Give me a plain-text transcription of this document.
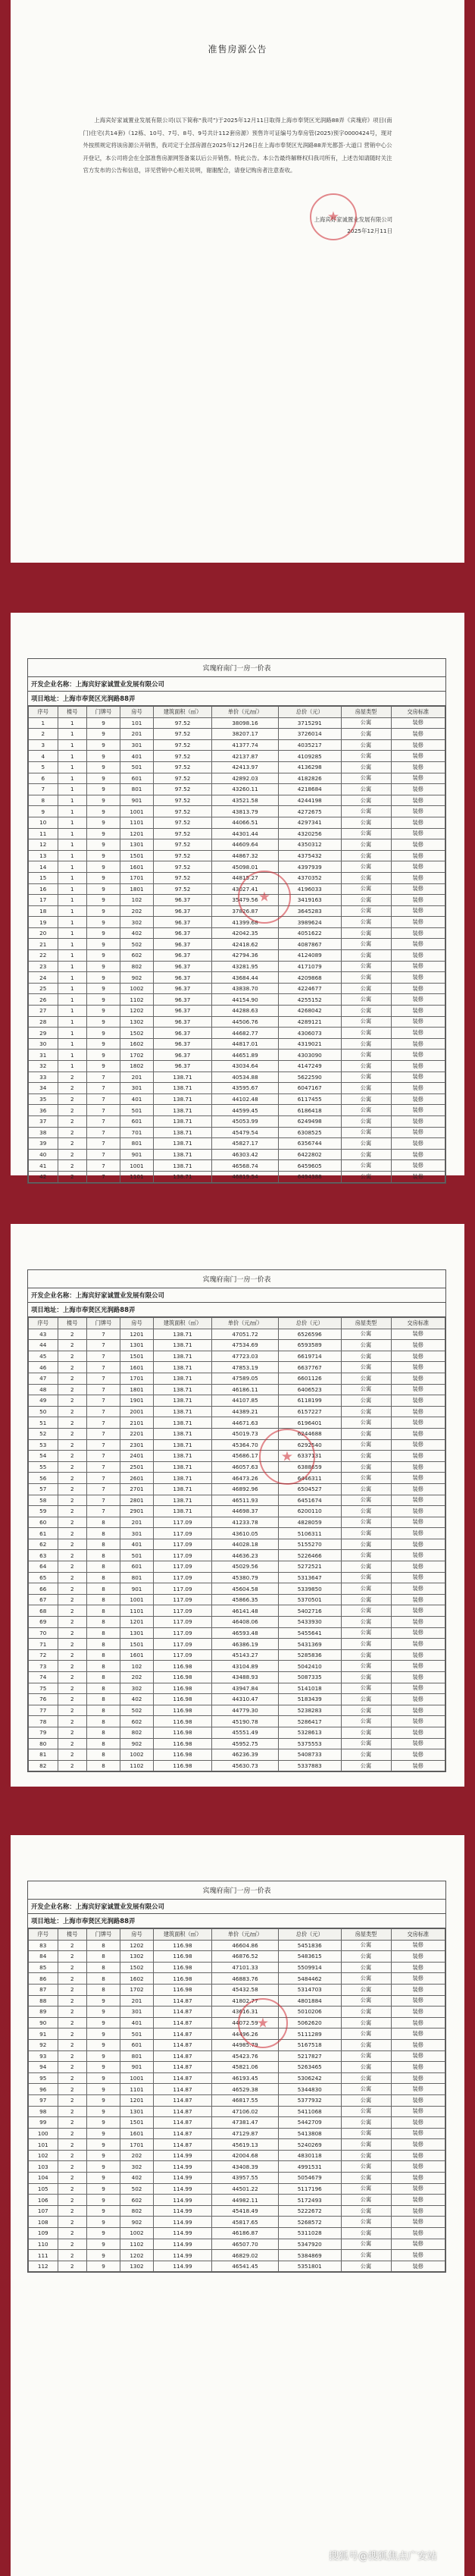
准售房源公告
上海宾好家诚置业发展有限公司(以下简称“我司”)于2025年12月11日取得上海市奉贤区光润路88弄《宾瑰府》项目(南门)住宅(共14套)（12栋、10号、7号、8号、9号共计112套房源）预售许可证编号为奉房管(2025)预字0000424号，现对外按照规定将该房源公开销售，我司定于全部房源在2025年12月26日在上海市奉贤区光润路88弄光都荟·大道口 营销中心公开登记，本公司将会在全部准售房源网签备案以后公开销售。特此公告。本公告最终解释权归我司所有，上述告知请随时关注官方发布的公告和信息，详见营销中心相关说明，谢谢配合，请登记购房者注意查收。
上海宾好家诚置业发展有限公司
2025年12月11日
★
宾瑰府南门一房一价表
开发企业名称：上海宾好家诚置业发展有限公司
项目地址：上海市奉贤区光润路88弄
序号	楼号	门牌号	房号	建筑面积（㎡）	单价（元/㎡）	总价（元）	房屋类型	交房标准
1	1	9	101	97.52	38098.16	3715291	公寓	装修
2	1	9	201	97.52	38207.17	3726014	公寓	装修
3	1	9	301	97.52	41377.74	4035217	公寓	装修
4	1	9	401	97.52	42137.87	4109285	公寓	装修
5	1	9	501	97.52	42413.97	4136298	公寓	装修
6	1	9	601	97.52	42892.03	4182826	公寓	装修
7	1	9	801	97.52	43260.11	4218684	公寓	装修
8	1	9	901	97.52	43521.58	4244198	公寓	装修
9	1	9	1001	97.52	43813.79	4272675	公寓	装修
10	1	9	1101	97.52	44066.51	4297341	公寓	装修
11	1	9	1201	97.52	44301.44	4320256	公寓	装修
12	1	9	1301	97.52	44609.64	4350312	公寓	装修
13	1	9	1501	97.52	44867.32	4375432	公寓	装修
14	1	9	1601	97.52	45098.01	4397939	公寓	装修
15	1	9	1701	97.52	44815.27	4370352	公寓	装修
16	1	9	1801	97.52	43027.41	4196033	公寓	装修
17	1	9	102	96.37	35479.56	3419163	公寓	装修
18	1	9	202	96.37	37826.87	3645283	公寓	装修
19	1	9	302	96.37	41399.68	3989624	公寓	装修
20	1	9	402	96.37	42042.35	4051622	公寓	装修
21	1	9	502	96.37	42418.62	4087867	公寓	装修
22	1	9	602	96.37	42794.36	4124089	公寓	装修
23	1	9	802	96.37	43281.95	4171079	公寓	装修
24	1	9	902	96.37	43684.44	4209868	公寓	装修
25	1	9	1002	96.37	43838.70	4224677	公寓	装修
26	1	9	1102	96.37	44154.90	4255152	公寓	装修
27	1	9	1202	96.37	44288.63	4268042	公寓	装修
28	1	9	1302	96.37	44506.76	4289121	公寓	装修
29	1	9	1502	96.37	44682.77	4306073	公寓	装修
30	1	9	1602	96.37	44817.01	4319021	公寓	装修
31	1	9	1702	96.37	44651.89	4303090	公寓	装修
32	1	9	1802	96.37	43034.64	4147249	公寓	装修
33	2	7	201	138.71	40534.88	5622590	公寓	装修
34	2	7	301	138.71	43595.67	6047167	公寓	装修
35	2	7	401	138.71	44102.48	6117455	公寓	装修
36	2	7	501	138.71	44599.45	6186418	公寓	装修
37	2	7	601	138.71	45053.99	6249498	公寓	装修
38	2	7	701	138.71	45479.54	6308525	公寓	装修
39	2	7	801	138.71	45827.17	6356744	公寓	装修
40	2	7	901	138.71	46303.42	6422802	公寓	装修
41	2	7	1001	138.71	46568.74	6459605	公寓	装修
42	2	7	1101	138.71	46819.54	6494388	公寓	装修
★
宾瑰府南门一房一价表
开发企业名称：上海宾好家诚置业发展有限公司
项目地址：上海市奉贤区光润路88弄
序号	楼号	门牌号	房号	建筑面积（㎡）	单价（元/㎡）	总价（元）	房屋类型	交房标准
43	2	7	1201	138.71	47051.72	6526596	公寓	装修
44	2	7	1301	138.71	47534.69	6593589	公寓	装修
45	2	7	1501	138.71	47723.03	6619714	公寓	装修
46	2	7	1601	138.71	47853.19	6637767	公寓	装修
47	2	7	1701	138.71	47589.05	6601126	公寓	装修
48	2	7	1801	138.71	46186.11	6406523	公寓	装修
49	2	7	1901	138.71	44107.85	6118199	公寓	装修
50	2	7	2001	138.71	44389.21	6157227	公寓	装修
51	2	7	2101	138.71	44671.63	6196401	公寓	装修
52	2	7	2201	138.71	45019.73	6244688	公寓	装修
53	2	7	2301	138.71	45364.70	6292540	公寓	装修
54	2	7	2401	138.71	45686.17	6337131	公寓	装修
55	2	7	2501	138.71	46057.63	6388659	公寓	装修
56	2	7	2601	138.71	46473.26	6446311	公寓	装修
57	2	7	2701	138.71	46892.96	6504527	公寓	装修
58	2	7	2801	138.71	46511.93	6451674	公寓	装修
59	2	7	2901	138.71	44698.37	6200110	公寓	装修
60	2	8	201	117.09	41233.78	4828059	公寓	装修
61	2	8	301	117.09	43610.05	5106311	公寓	装修
62	2	8	401	117.09	44028.18	5155270	公寓	装修
63	2	8	501	117.09	44636.23	5226466	公寓	装修
64	2	8	601	117.09	45029.56	5272521	公寓	装修
65	2	8	801	117.09	45380.79	5313647	公寓	装修
66	2	8	901	117.09	45604.58	5339850	公寓	装修
67	2	8	1001	117.09	45866.35	5370501	公寓	装修
68	2	8	1101	117.09	46141.48	5402716	公寓	装修
69	2	8	1201	117.09	46408.06	5433930	公寓	装修
70	2	8	1301	117.09	46593.48	5455641	公寓	装修
71	2	8	1501	117.09	46386.19	5431369	公寓	装修
72	2	8	1601	117.09	45143.27	5285836	公寓	装修
73	2	8	102	116.98	43104.89	5042410	公寓	装修
74	2	8	202	116.98	43488.93	5087335	公寓	装修
75	2	8	302	116.98	43947.84	5141018	公寓	装修
76	2	8	402	116.98	44310.47	5183439	公寓	装修
77	2	8	502	116.98	44779.30	5238283	公寓	装修
78	2	8	602	116.98	45190.78	5286417	公寓	装修
79	2	8	802	116.98	45551.49	5328613	公寓	装修
80	2	8	902	116.98	45952.75	5375553	公寓	装修
81	2	8	1002	116.98	46236.39	5408733	公寓	装修
82	2	8	1102	116.98	45630.73	5337883	公寓	装修
★
宾瑰府南门一房一价表
开发企业名称：上海宾好家诚置业发展有限公司
项目地址：上海市奉贤区光润路88弄
序号	楼号	门牌号	房号	建筑面积（㎡）	单价（元/㎡）	总价（元）	房屋类型	交房标准
83	2	8	1202	116.98	46604.86	5451836	公寓	装修
84	2	8	1302	116.98	46876.52	5483615	公寓	装修
85	2	8	1502	116.98	47101.33	5509914	公寓	装修
86	2	8	1602	116.98	46883.76	5484462	公寓	装修
87	2	8	1702	116.98	45432.58	5314703	公寓	装修
88	2	9	201	114.87	41802.77	4801884	公寓	装修
89	2	9	301	114.87	43616.31	5010206	公寓	装修
90	2	9	401	114.87	44072.59	5062620	公寓	装修
91	2	9	501	114.87	44496.26	5111289	公寓	装修
92	2	9	601	114.87	44985.79	5167518	公寓	装修
93	2	9	801	114.87	45423.76	5217827	公寓	装修
94	2	9	901	114.87	45821.06	5263465	公寓	装修
95	2	9	1001	114.87	46193.45	5306242	公寓	装修
96	2	9	1101	114.87	46529.38	5344830	公寓	装修
97	2	9	1201	114.87	46817.55	5377932	公寓	装修
98	2	9	1301	114.87	47106.02	5411068	公寓	装修
99	2	9	1501	114.87	47381.47	5442709	公寓	装修
100	2	9	1601	114.87	47129.87	5413808	公寓	装修
101	2	9	1701	114.87	45619.13	5240269	公寓	装修
102	2	9	202	114.99	42004.68	4830118	公寓	装修
103	2	9	302	114.99	43408.39	4991531	公寓	装修
104	2	9	402	114.99	43957.55	5054679	公寓	装修
105	2	9	502	114.99	44501.22	5117196	公寓	装修
106	2	9	602	114.99	44982.11	5172493	公寓	装修
107	2	9	802	114.99	45418.49	5222672	公寓	装修
108	2	9	902	114.99	45817.65	5268572	公寓	装修
109	2	9	1002	114.99	46186.87	5311028	公寓	装修
110	2	9	1102	114.99	46507.70	5347920	公寓	装修
111	2	9	1202	114.99	46829.02	5384869	公寓	装修
112	2	9	1302	114.99	46541.45	5351801	公寓	装修
★
搜狐号@搜狐焦点广安站
